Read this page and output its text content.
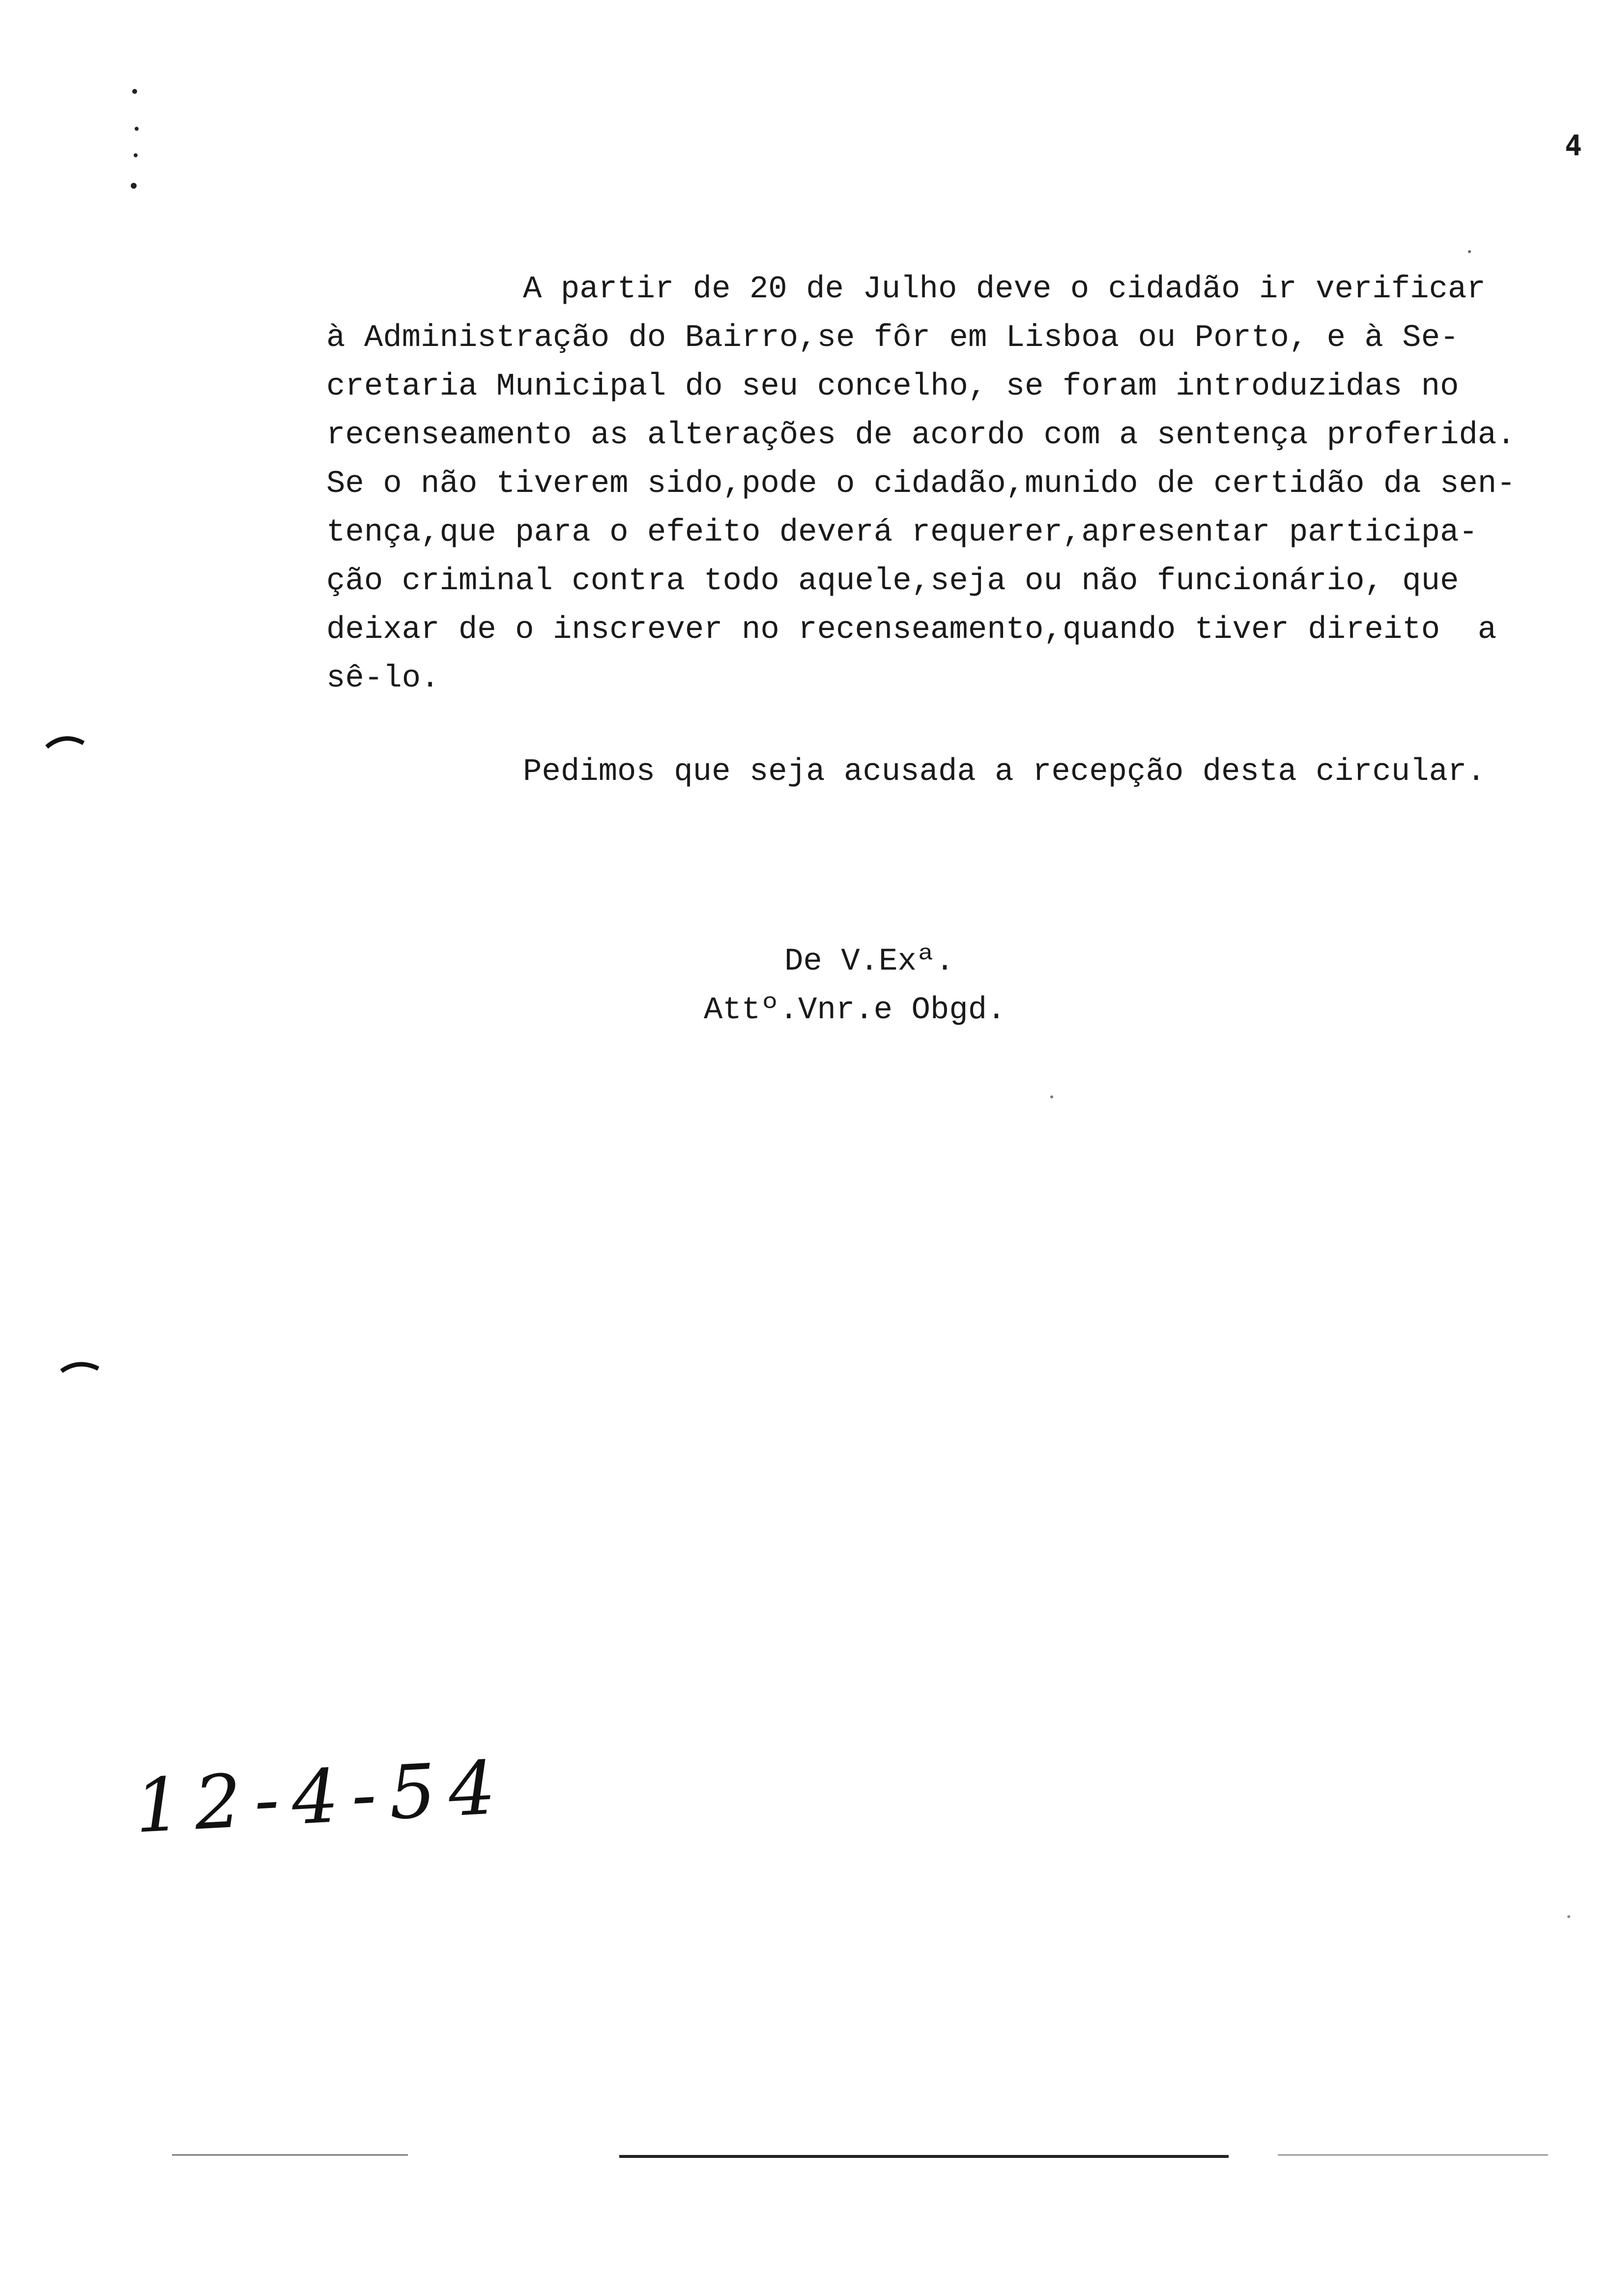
4
A partir de 20 de Julho deve o cidadão ir verificar
à Administração do Bairro,se fôr em Lisboa ou Porto, e à Se-
cretaria Municipal do seu concelho, se foram introduzidas no
recenseamento as alterações de acordo com a sentença proferida.
Se o não tiverem sido,pode o cidadão,munido de certidão da sen-
tença,que para o efeito deverá requerer,apresentar participa-
ção criminal contra todo aquele,seja ou não funcionário, que
deixar de o inscrever no recenseamento,quando tiver direito  a
sê-lo.
Pedimos que seja acusada a recepção desta circular.
De V.Exª.
Attº.Vnr.e Obgd.
12-4-54
